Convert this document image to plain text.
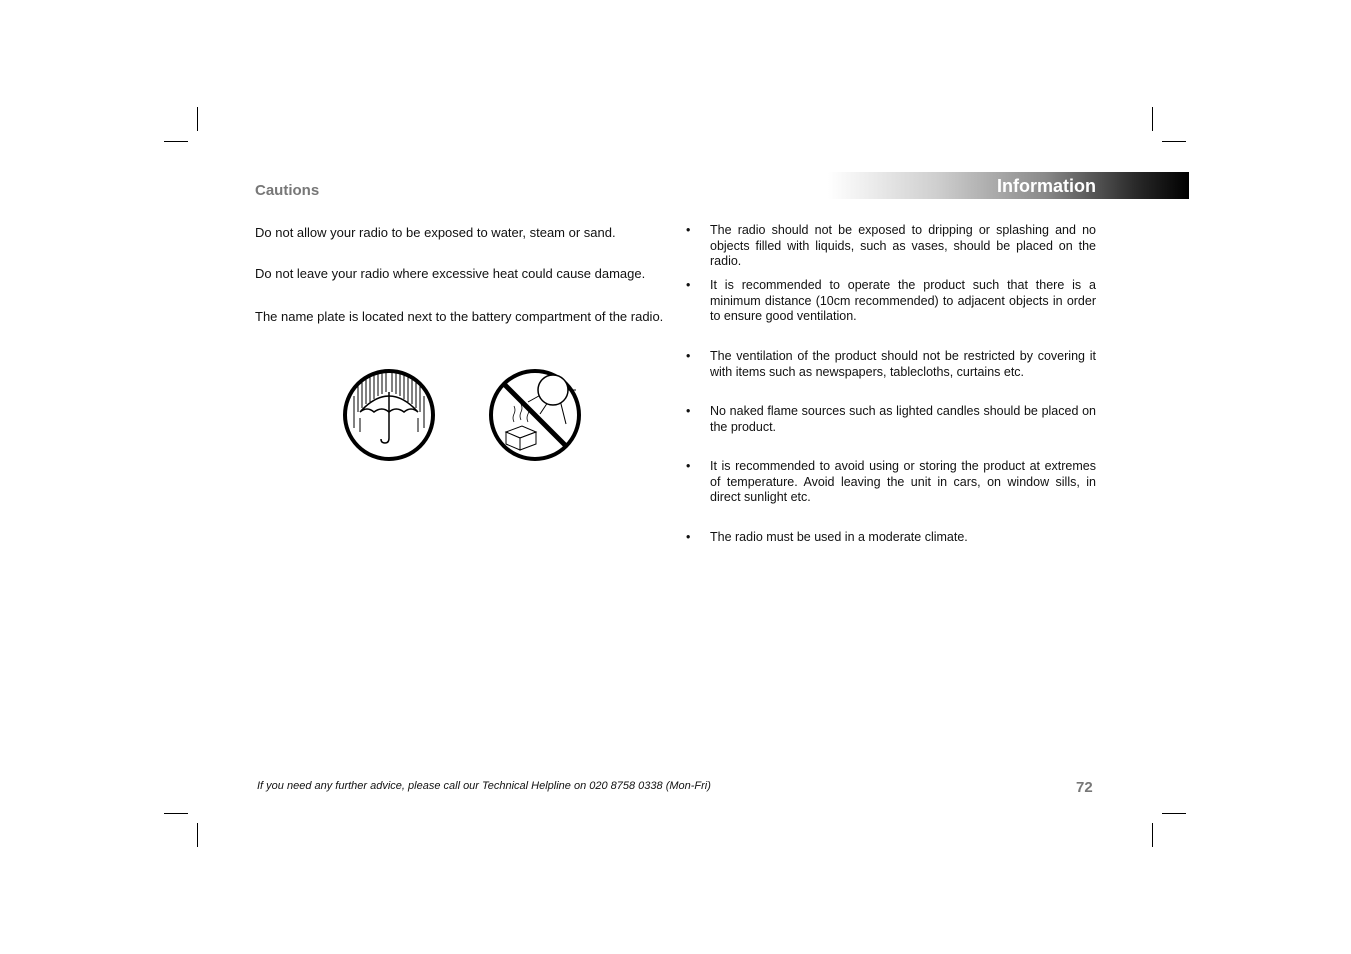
Cautions

Do not allow your radio to be exposed to water, steam or sand.

Do not leave your radio where excessive heat could cause damage.

The name plate is located next to the battery compartment of the radio.

Information
• The radio should not be exposed to dripping or splashing and no objects filled with liquids, such as vases, should be placed on the radio.
• It is recommended to operate the product such that there is a minimum distance (10cm recommended) to adjacent objects in order to ensure good ventilation.
• The ventilation of the product should not be restricted by covering it with items such as newspapers, tablecloths, curtains etc.
• No naked flame sources such as lighted candles should be placed on the product.
• It is recommended to avoid using or storing the product at extremes of temperature. Avoid leaving the unit in cars, on window sills, in direct sunlight etc.
• The radio must be used in a moderate climate.

If you need any further advice, please call our Technical Helpline on 020 8758 0338 (Mon-Fri)	72
